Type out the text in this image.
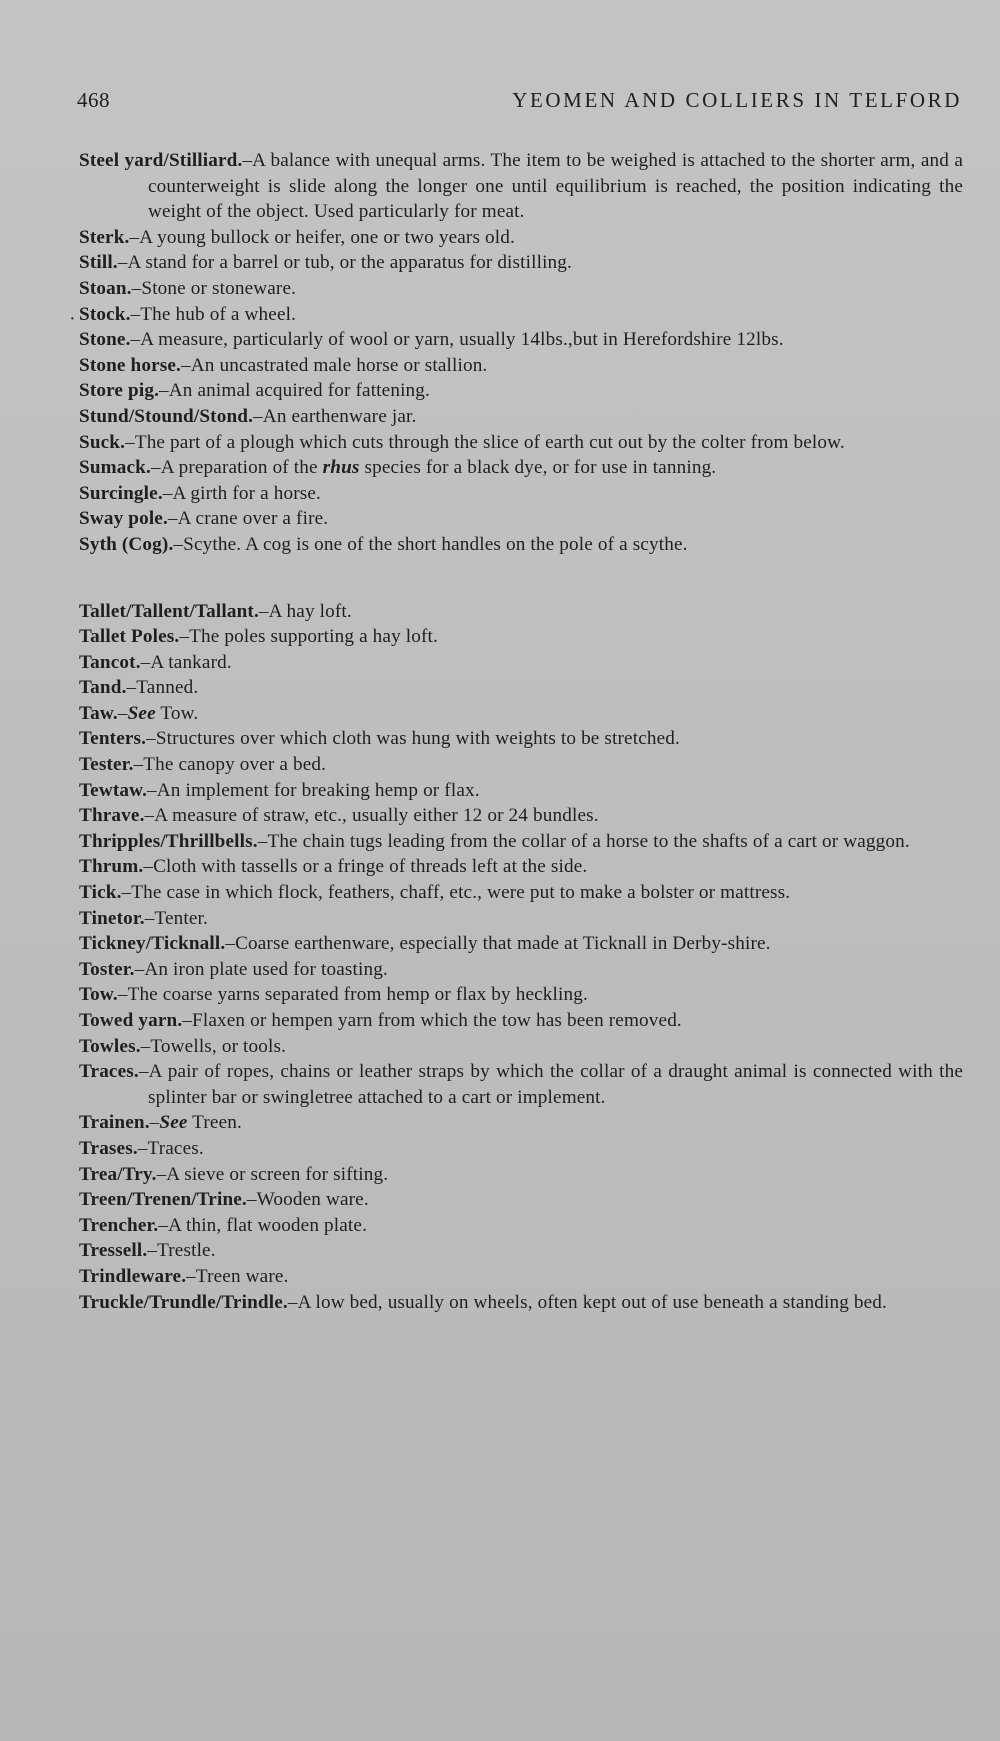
468	YEOMEN AND COLLIERS IN TELFORD
·
Steel yard/Stilliard.–A balance with unequal arms. The item to be weighed is attached to the shorter arm, and a counterweight is slide along the longer one until equilibrium is reached, the position indicating the weight of the object. Used particularly for meat.
Sterk.–A young bullock or heifer, one or two years old.
Still.–A stand for a barrel or tub, or the apparatus for distilling.
Stoan.–Stone or stoneware.
Stock.–The hub of a wheel.
Stone.–A measure, particularly of wool or yarn, usually 14lbs.,but in Herefordshire 12lbs.
Stone horse.–An uncastrated male horse or stallion.
Store pig.–An animal acquired for fattening.
Stund/Stound/Stond.–An earthenware jar.
Suck.–The part of a plough which cuts through the slice of earth cut out by the colter from below.
Sumack.–A preparation of the rhus species for a black dye, or for use in tanning.
Surcingle.–A girth for a horse.
Sway pole.–A crane over a fire.
Syth (Cog).–Scythe. A cog is one of the short handles on the pole of a scythe.
Tallet/Tallent/Tallant.–A hay loft.
Tallet Poles.–The poles supporting a hay loft.
Tancot.–A tankard.
Tand.–Tanned.
Taw.–See Tow.
Tenters.–Structures over which cloth was hung with weights to be stretched.
Tester.–The canopy over a bed.
Tewtaw.–An implement for breaking hemp or flax.
Thrave.–A measure of straw, etc., usually either 12 or 24 bundles.
Thripples/Thrillbells.–The chain tugs leading from the collar of a horse to the shafts of a cart or waggon.
Thrum.–Cloth with tassells or a fringe of threads left at the side.
Tick.–The case in which flock, feathers, chaff, etc., were put to make a bolster or mattress.
Tinetor.–Tenter.
Tickney/Ticknall.–Coarse earthenware, especially that made at Ticknall in Derby-shire.
Toster.–An iron plate used for toasting.
Tow.–The coarse yarns separated from hemp or flax by heckling.
Towed yarn.–Flaxen or hempen yarn from which the tow has been removed.
Towles.–Towells, or tools.
Traces.–A pair of ropes, chains or leather straps by which the collar of a draught animal is connected with the splinter bar or swingletree attached to a cart or implement.
Trainen.–See Treen.
Trases.–Traces.
Trea/Try.–A sieve or screen for sifting.
Treen/Trenen/Trine.–Wooden ware.
Trencher.–A thin, flat wooden plate.
Tressell.–Trestle.
Trindleware.–Treen ware.
Truckle/Trundle/Trindle.–A low bed, usually on wheels, often kept out of use beneath a standing bed.
